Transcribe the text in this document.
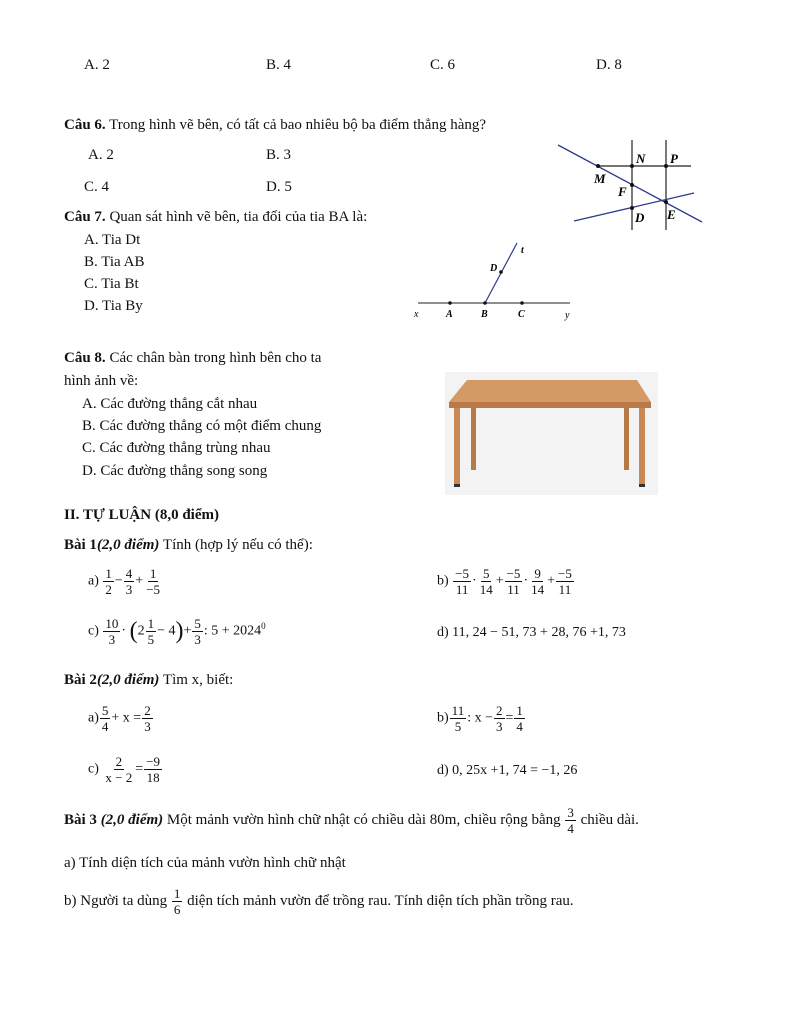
A. 2	B. 4	C. 6	D. 8
Câu 6. Trong hình vẽ bên, có tất cả bao nhiêu bộ ba điểm thẳng hàng?
A. 2	B. 3
C. 4	D. 5
N P
M
F
D E
Câu 7. Quan sát hình vẽ bên, tia đối của tia BA là:
A. Tia Dt
B. Tia AB
C. Tia Bt
D. Tia By
x	A	B	C	y
D
t
Câu 8. Các chân bàn trong hình bên cho ta
hình ảnh về:
A. Các đường thẳng cắt nhau
B. Các đường thẳng có một điểm chung
C. Các đường thẳng trùng nhau
D. Các đường thẳng song song
II. TỰ LUẬN (8,0 điểm)
Bài 1(2,0 điểm) Tính (hợp lý nếu có thể):
$a) \frac{1}{2} - \frac{4}{3} + \frac{1}{-5}$	$b) \frac{-5}{11} \cdot \frac{5}{14} + \frac{-5}{11} \cdot \frac{9}{14} + \frac{-5}{11}$
$c) \frac{10}{3} \cdot (2 \frac{1}{5} - 4)+ \frac{5}{3}$ : $5 + 2024^0$	d) 11, 24 − 51, 73 + 28, 76 +1, 73
Bài 2(2,0 điểm) Tìm x, biết:
$a) \frac{5}{4} + x = \frac{2}{3}$	$b) \frac{11}{5}$ : $x - \frac{2}{3} = \frac{1}{4}$
$c) \frac{2}{x - 2} = \frac{-9}{18}$	d) 0, 25x +1, 74 = −1, 26
Bài 3 (2,0 điểm) Một mảnh vườn hình chữ nhật có chiều dài 80m, chiều rộng bằng $\frac{3}{4}$ chiều dài.
a) Tính diện tích của mảnh vườn hình chữ nhật
b) Người ta dùng $\frac{1}{6}$ diện tích mảnh vườn để trồng rau. Tính diện tích phần trồng rau.
